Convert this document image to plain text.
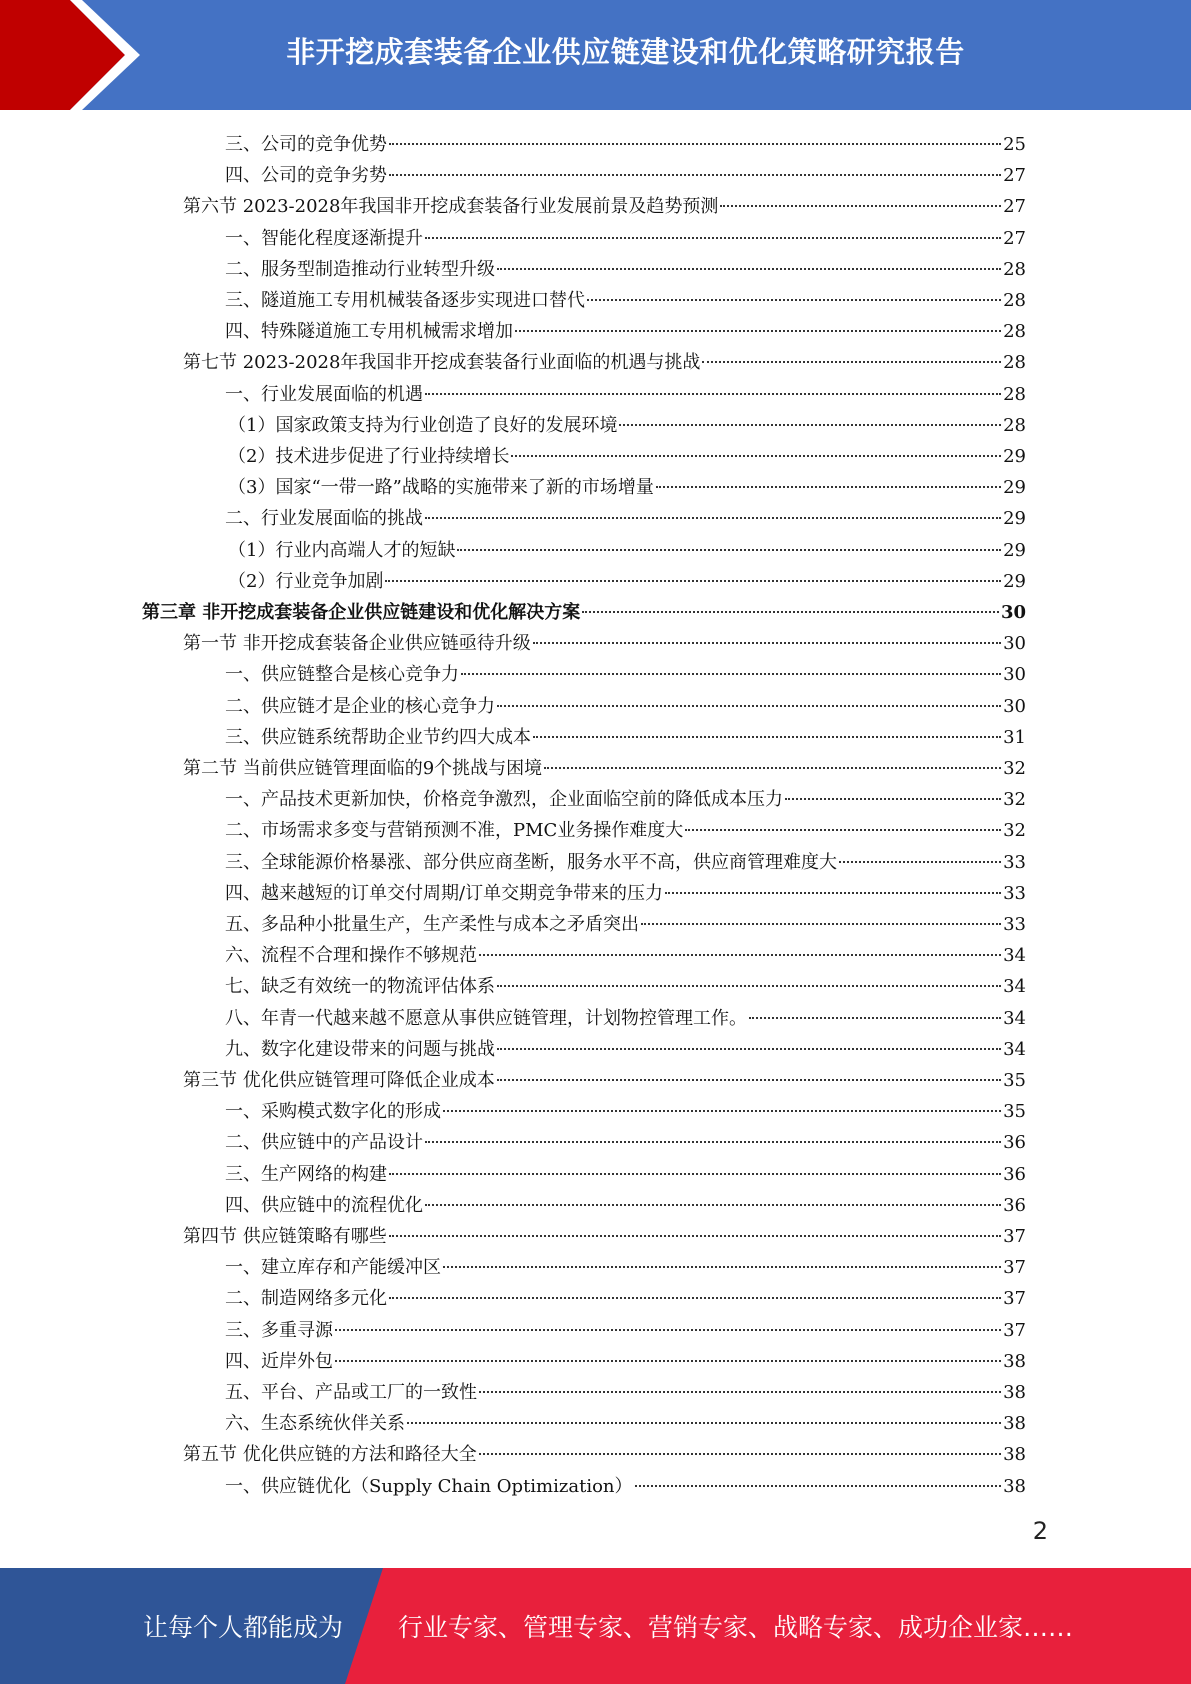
非开挖成套装备企业供应链建设和优化策略研究报告
三、公司的竞争优势	25
四、公司的竞争劣势	27
第六节 2023-2028年我国非开挖成套装备行业发展前景及趋势预测	27
一、智能化程度逐渐提升	27
二、服务型制造推动行业转型升级	28
三、隧道施工专用机械装备逐步实现进口替代	28
四、特殊隧道施工专用机械需求增加	28
第七节 2023-2028年我国非开挖成套装备行业面临的机遇与挑战	28
一、行业发展面临的机遇	28
（1）国家政策支持为行业创造了良好的发展环境	28
（2）技术进步促进了行业持续增长	29
（3）国家“一带一路”战略的实施带来了新的市场增量	29
二、行业发展面临的挑战	29
（1）行业内高端人才的短缺	29
（2）行业竞争加剧	29
第三章 非开挖成套装备企业供应链建设和优化解决方案	30
第一节 非开挖成套装备企业供应链亟待升级	30
一、供应链整合是核心竞争力	30
二、供应链才是企业的核心竞争力	30
三、供应链系统帮助企业节约四大成本	31
第二节 当前供应链管理面临的9个挑战与困境	32
一、产品技术更新加快，价格竞争激烈，企业面临空前的降低成本压力	32
二、市场需求多变与营销预测不准，PMC业务操作难度大	32
三、全球能源价格暴涨、部分供应商垄断，服务水平不高，供应商管理难度大	33
四、越来越短的订单交付周期/订单交期竞争带来的压力	33
五、多品种小批量生产，生产柔性与成本之矛盾突出	33
六、流程不合理和操作不够规范	34
七、缺乏有效统一的物流评估体系	34
八、年青一代越来越不愿意从事供应链管理，计划物控管理工作。	34
九、数字化建设带来的问题与挑战	34
第三节 优化供应链管理可降低企业成本	35
一、采购模式数字化的形成	35
二、供应链中的产品设计	36
三、生产网络的构建	36
四、供应链中的流程优化	36
第四节 供应链策略有哪些	37
一、建立库存和产能缓冲区	37
二、制造网络多元化	37
三、多重寻源	37
四、近岸外包	38
五、平台、产品或工厂的一致性	38
六、生态系统伙伴关系	38
第五节 优化供应链的方法和路径大全	38
一、供应链优化（Supply Chain Optimization）	38
2
让每个人都能成为 行业专家、管理专家、营销专家、战略专家、成功企业家……
